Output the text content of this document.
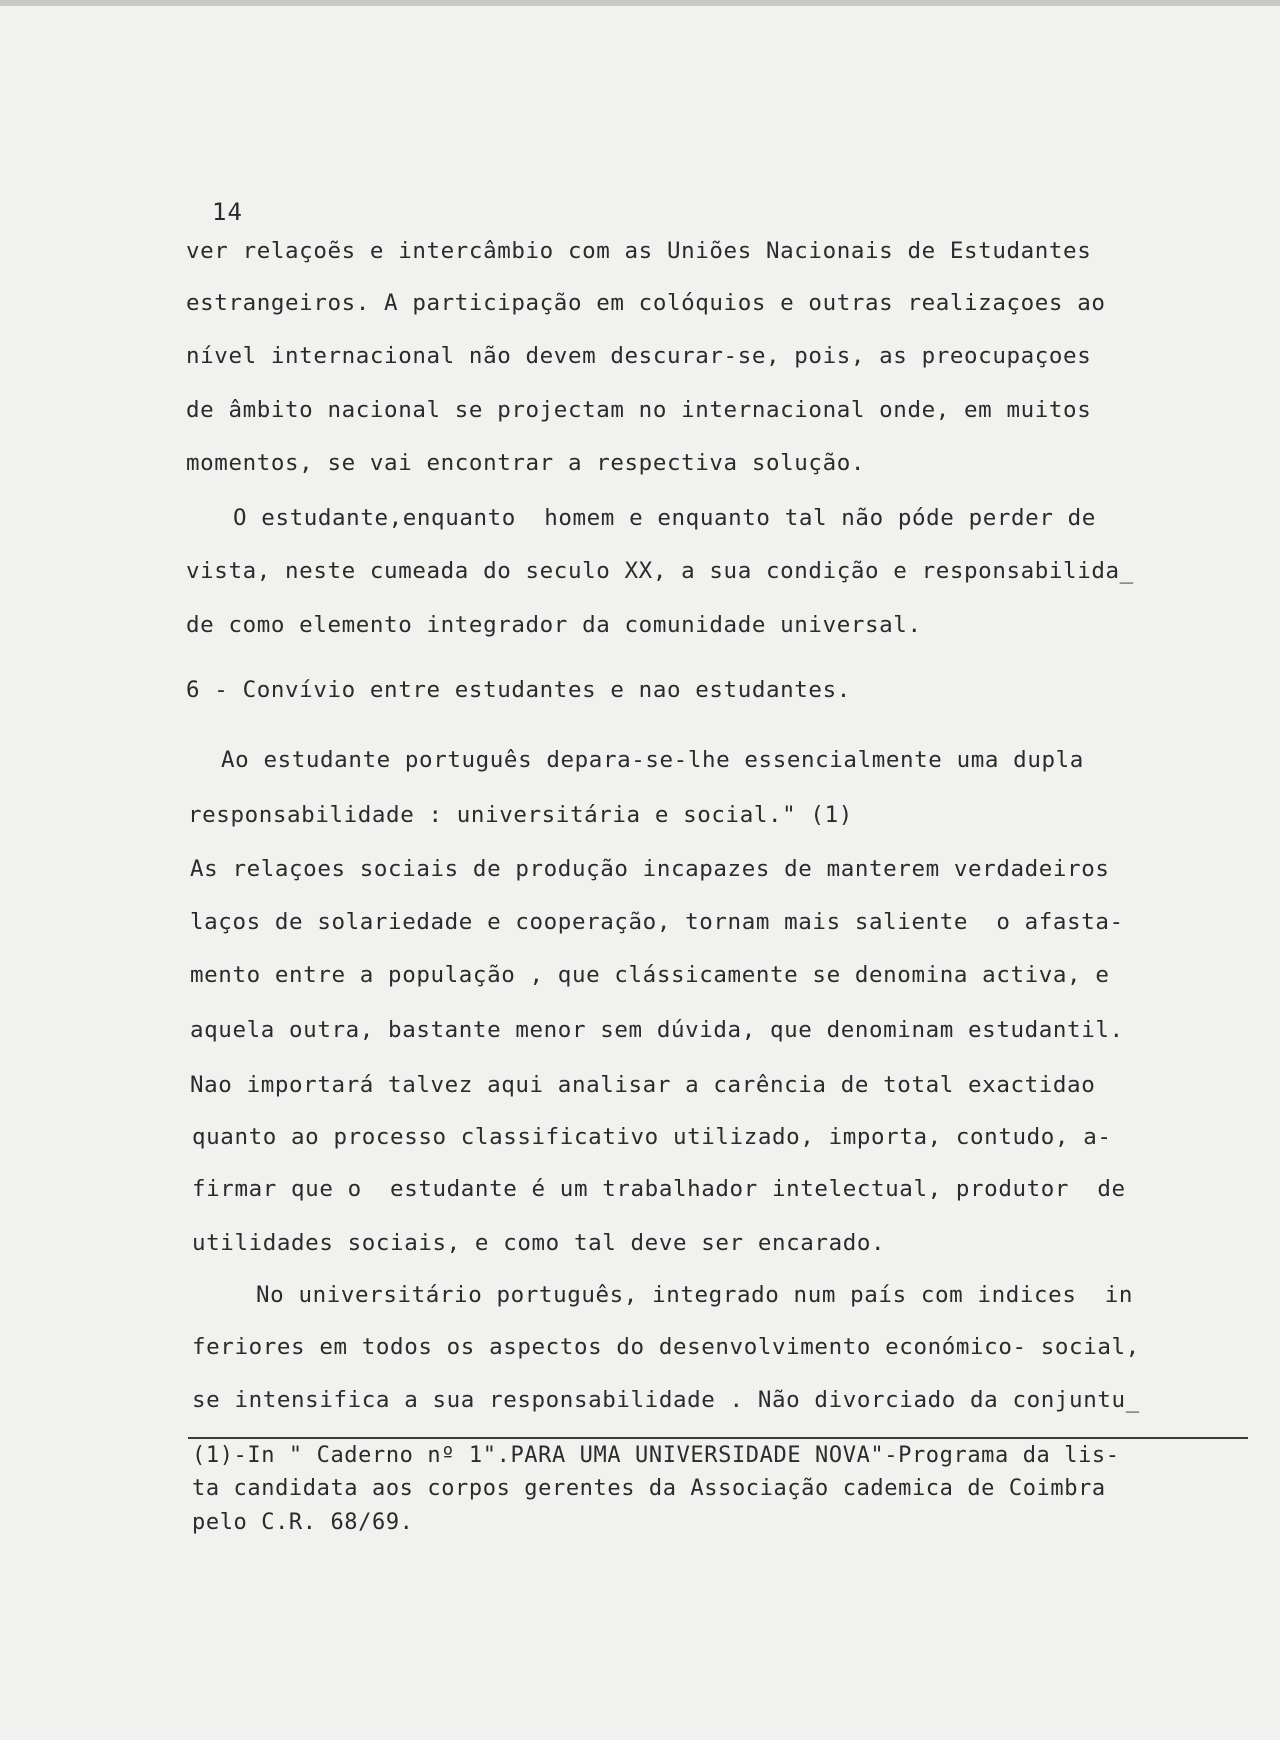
14
ver relaçoẽs e intercâmbio com as Uniões Nacionais de Estudantes
estrangeiros. A participação em colóquios e outras realizaçoes ao
nível internacional não devem descurar-se, pois, as preocupaçoes
de âmbito nacional se projectam no internacional onde, em muitos
momentos, se vai encontrar a respectiva solução.
O estudante,enquanto  homem e enquanto tal não póde perder de
vista, neste cumeada do seculo XX, a sua condição e responsabilida_
de como elemento integrador da comunidade universal.
6 - Convívio entre estudantes e nao estudantes.
Ao estudante português depara-se-lhe essencialmente uma dupla
responsabilidade : universitária e social." (1)
As relaçoes sociais de produção incapazes de manterem verdadeiros
laços de solariedade e cooperação, tornam mais saliente  o afasta-
mento entre a população , que clássicamente se denomina activa, e
aquela outra, bastante menor sem dúvida, que denominam estudantil.
Nao importará talvez aqui analisar a carência de total exactidao
quanto ao processo classificativo utilizado, importa, contudo, a-
firmar que o  estudante é um trabalhador intelectual, produtor  de
utilidades sociais, e como tal deve ser encarado.
No universitário português, integrado num país com indices  in
feriores em todos os aspectos do desenvolvimento económico- social,
se intensifica a sua responsabilidade . Não divorciado da conjuntu_
(1)-In " Caderno nº 1".PARA UMA UNIVERSIDADE NOVA"-Programa da lis-
ta candidata aos corpos gerentes da Associação cademica de Coimbra
pelo C.R. 68/69.
